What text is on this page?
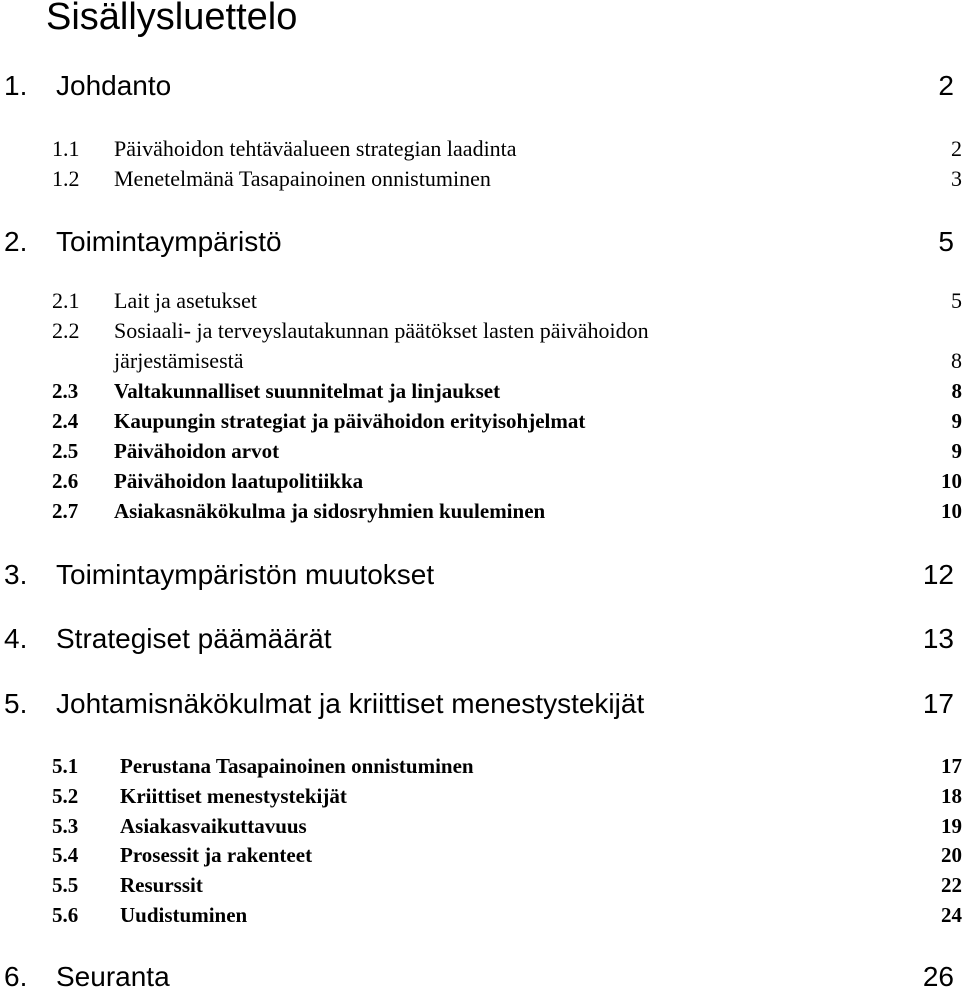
Sisällysluettelo
1. Johdanto	2
1.1 Päivähoidon tehtäväalueen strategian laadinta	2
1.2 Menetelmänä Tasapainoinen onnistuminen	3
2. Toimintaympäristö	5
2.1 Lait ja asetukset	5
2.2 Sosiaali- ja terveyslautakunnan päätökset lasten päivähoidon
järjestämisestä	8
2.3 Valtakunnalliset suunnitelmat ja linjaukset	8
2.4 Kaupungin strategiat ja päivähoidon erityisohjelmat	9
2.5 Päivähoidon arvot	9
2.6 Päivähoidon laatupolitiikka	10
2.7 Asiakasnäkökulma ja sidosryhmien kuuleminen	10
3. Toimintaympäristön muutokset	12
4. Strategiset päämäärät	13
5. Johtamisnäkökulmat ja kriittiset menestystekijät	17
5.1 Perustana Tasapainoinen onnistuminen	17
5.2 Kriittiset menestystekijät	18
5.3 Asiakasvaikuttavuus	19
5.4 Prosessit ja rakenteet	20
5.5 Resurssit	22
5.6 Uudistuminen	24
6. Seuranta	26
